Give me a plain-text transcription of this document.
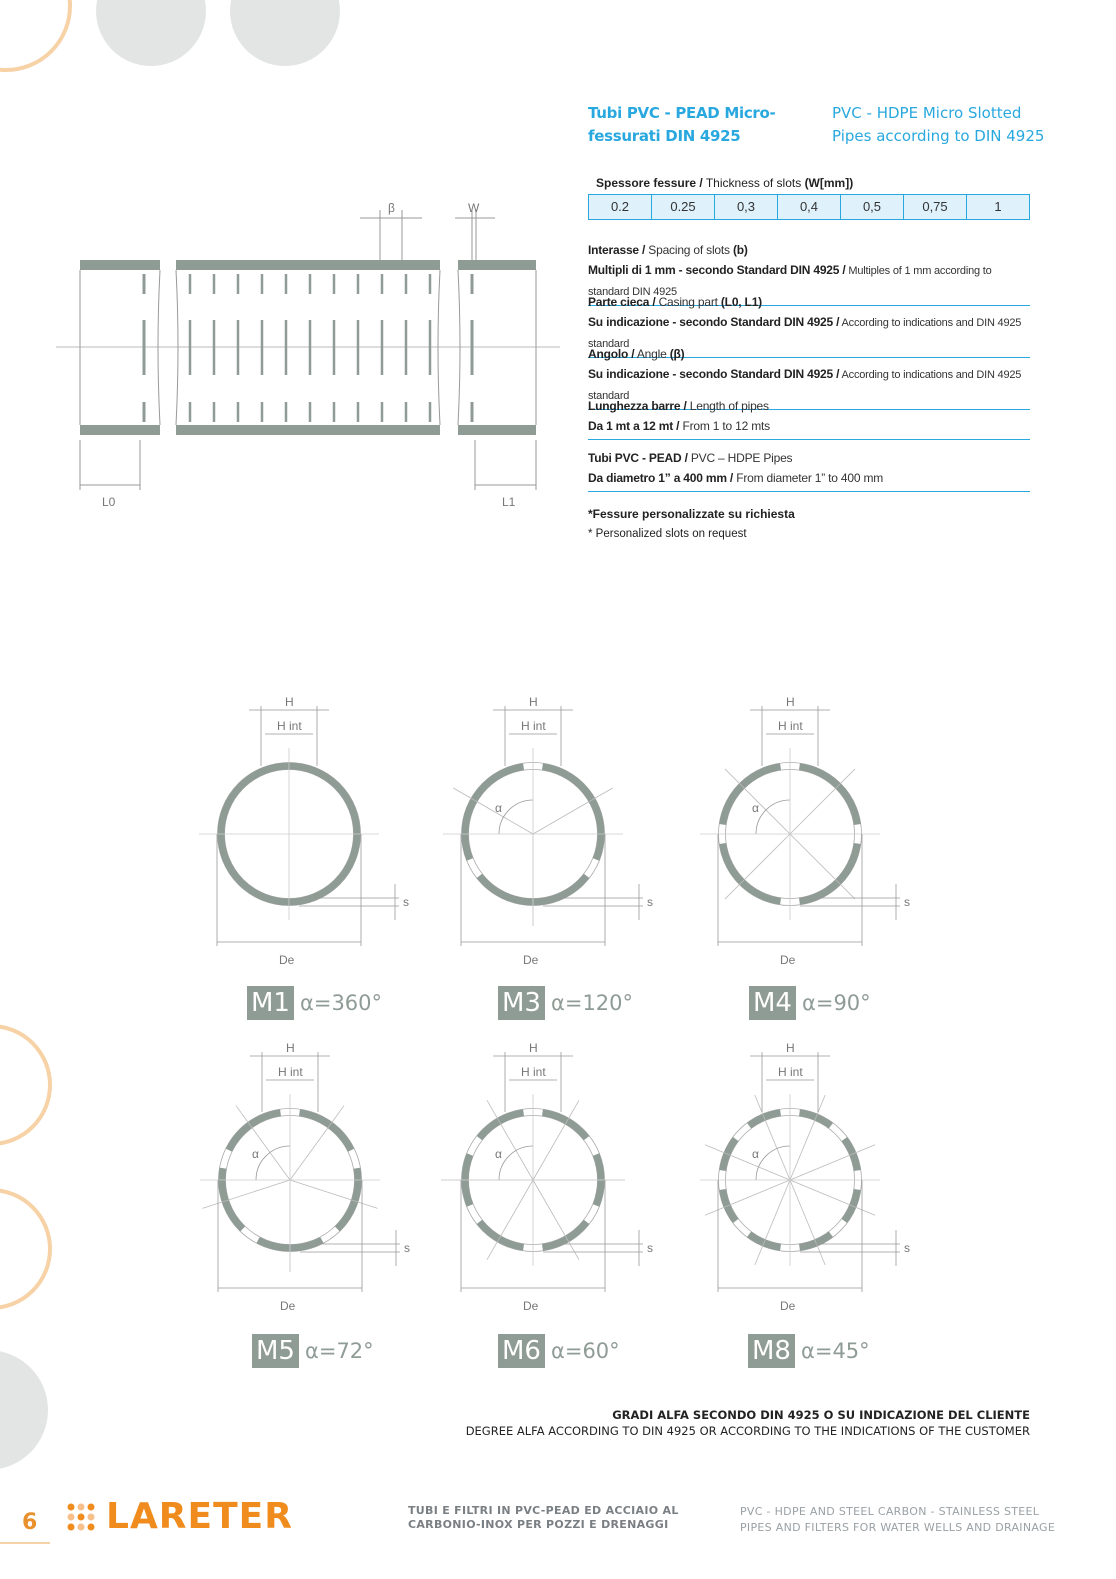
Tubi PVC - PEAD Micro-fessurati DIN 4925
PVC - HDPE Micro Slotted Pipes according to DIN 4925
Spessore fessure / Thickness of slots (W[mm])
0.2	0.25	0,3	0,4	0,5	0,75	1
Interasse / Spacing of slots (b)
Multipli di 1 mm - secondo Standard DIN 4925 / Multiples of 1 mm according to standard DIN 4925
Parte cieca / Casing part (L0, L1)
Su indicazione - secondo Standard DIN 4925 / According to indications and DIN 4925 standard
Angolo / Angle (β)
Su indicazione - secondo Standard DIN 4925 / According to indications and DIN 4925 standard
Lunghezza barre / Length of pipes
Da 1 mt a 12 mt / From 1 to 12 mts
Tubi PVC - PEAD / PVC – HDPE Pipes
Da diametro 1” a 400 mm / From diameter 1” to 400 mm
*Fessure personalizzate su richiesta
* Personalized slots on request
β	W
L0	L1
H
H int
De
s
α
H
H int
De
s
α
H
H int
De
s
α
H
H int
De
s
α
H
H int
De
s
α
H
H int
De
s
M1 α=360°	M3 α=120°	M4 α=90°
M5 α=72°	M6 α=60°	M8 α=45°
GRADI ALFA SECONDO DIN 4925 O SU INDICAZIONE DEL CLIENTE
DEGREE ALFA ACCORDING TO DIN 4925 OR ACCORDING TO THE INDICATIONS OF THE CUSTOMER
6 LARETER	TUBI E FILTRI IN PVC-PEAD ED ACCIAIO AL
CARBONIO-INOX PER POZZI E DRENAGGI
PVC - HDPE AND STEEL CARBON - STAINLESS STEEL
PIPES AND FILTERS FOR WATER WELLS AND DRAINAGE
